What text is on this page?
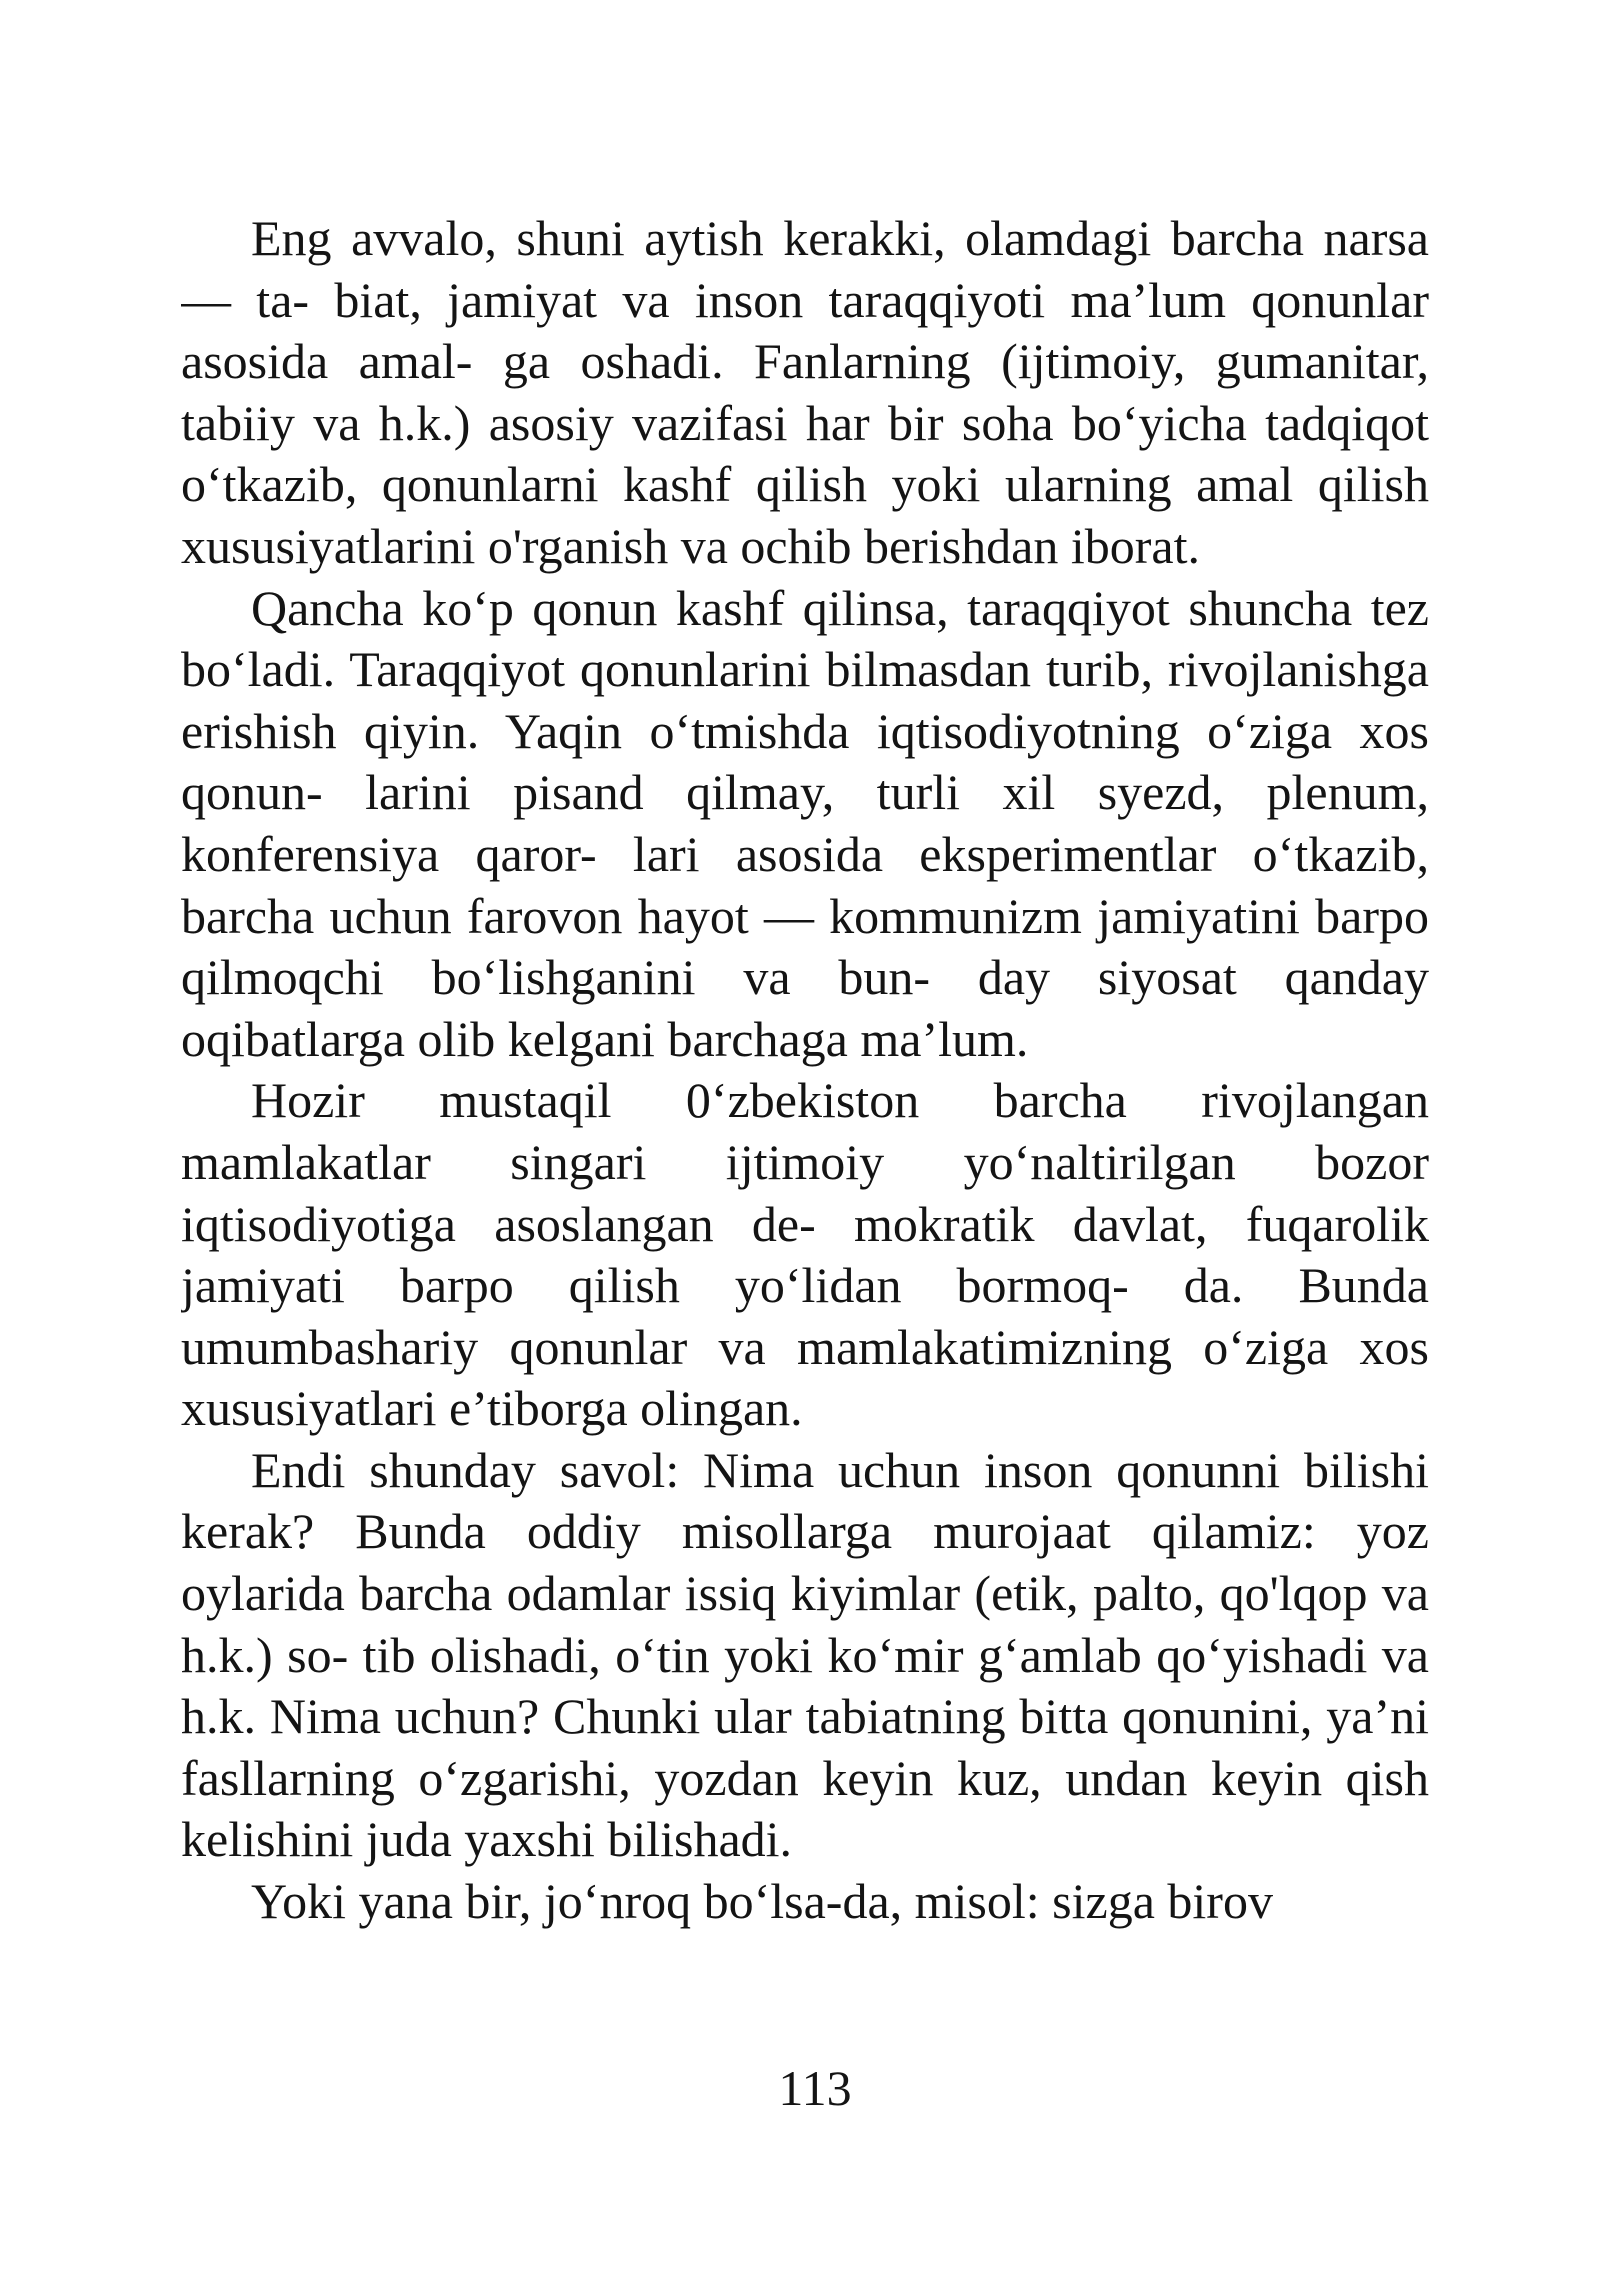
Eng avvalo, shuni aytish kerakki, olamdagi barcha narsa — ta- biat, jamiyat va inson taraqqiyoti ma’lum qonunlar asosida amal- ga oshadi. Fanlarning (ijtimoiy, gumanitar, tabiiy va h.k.) asosiy vazifasi har bir soha bo‘yicha tadqiqot o‘tkazib, qonunlarni kashf qilish yoki ularning amal qilish xususiyatlarini o'rganish va ochib berishdan iborat.

Qancha ko‘p qonun kashf qilinsa, taraqqiyot shuncha tez bo‘ladi. Taraqqiyot qonunlarini bilmasdan turib, rivojlanishga erishish qiyin. Yaqin o‘tmishda iqtisodiyotning o‘ziga xos qonun- larini pisand qilmay, turli xil syezd, plenum, konferensiya qaror- lari asosida eksperimentlar o‘tkazib, barcha uchun farovon hayot — kommunizm jamiyatini barpo qilmoqchi bo‘lishganini va bun- day siyosat qanday oqibatlarga olib kelgani barchaga ma’lum.

Hozir mustaqil 0‘zbekiston barcha rivojlangan mamlakatlar singari ijtimoiy yo‘naltirilgan bozor iqtisodiyotiga asoslangan de- mokratik davlat, fuqarolik jamiyati barpo qilish yo‘lidan bormoq- da. Bunda umumbashariy qonunlar va mamlakatimizning o‘ziga xos xususiyatlari e’tiborga olingan.

Endi shunday savol: Nima uchun inson qonunni bilishi kerak? Bunda oddiy misollarga murojaat qilamiz: yoz oylarida barcha odamlar issiq kiyimlar (etik, palto, qo'lqop va h.k.) so- tib olishadi, o‘tin yoki ko‘mir g‘amlab qo‘yishadi va h.k. Nima uchun? Chunki ular tabiatning bitta qonunini, ya’ni fasllarning o‘zgarishi, yozdan keyin kuz, undan keyin qish kelishini juda yaxshi bilishadi.

Yoki yana bir, jo‘nroq bo‘lsa-da, misol: sizga birov

113
